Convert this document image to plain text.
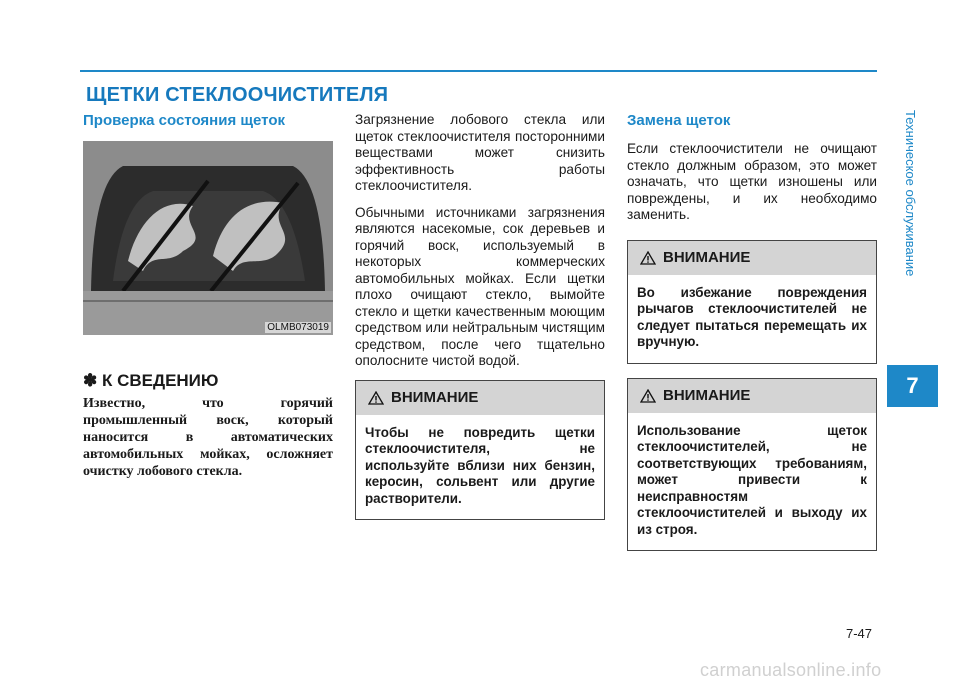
ЩЕТКИ СТЕКЛООЧИСТИТЕЛЯ
Техническое обслуживание
7
Проверка состояния щеток
OLMB073019
✽ К СВЕДЕНИЮ

Известно, что горячий промышленный воск, который наносится в автоматических автомобильных мойках, осложняет очистку лобового стекла.

Загрязнение лобового стекла или щеток стеклоочистителя посторонними веществами может снизить эффективность работы стеклоочистителя.

Обычными источниками загрязнения являются насекомые, сок деревьев и горячий воск, используемый в некоторых коммерческих автомобильных мойках. Если щетки плохо очищают стекло, вымойте стекло и щетки качественным моющим средством или нейтральным чистящим средством, после чего тщательно ополосните чистой водой.

ВНИМАНИЕ
Чтобы не повредить щетки стеклоочистителя, не используйте вблизи них бензин, керосин, сольвент или другие растворители.
Замена щеток

Если стеклоочистители не очищают стекло должным образом, это может означать, что щетки изношены или повреждены, и их необходимо заменить.

ВНИМАНИЕ
Во избежание повреждения рычагов стеклоочистителей не следует пытаться перемещать их вручную.
ВНИМАНИЕ
Использование щеток стеклоочистителей, не соответствующих требованиям, может привести к неисправностям стеклоочистителей и выходу их из строя.
7-47
carmanualsonline.info
